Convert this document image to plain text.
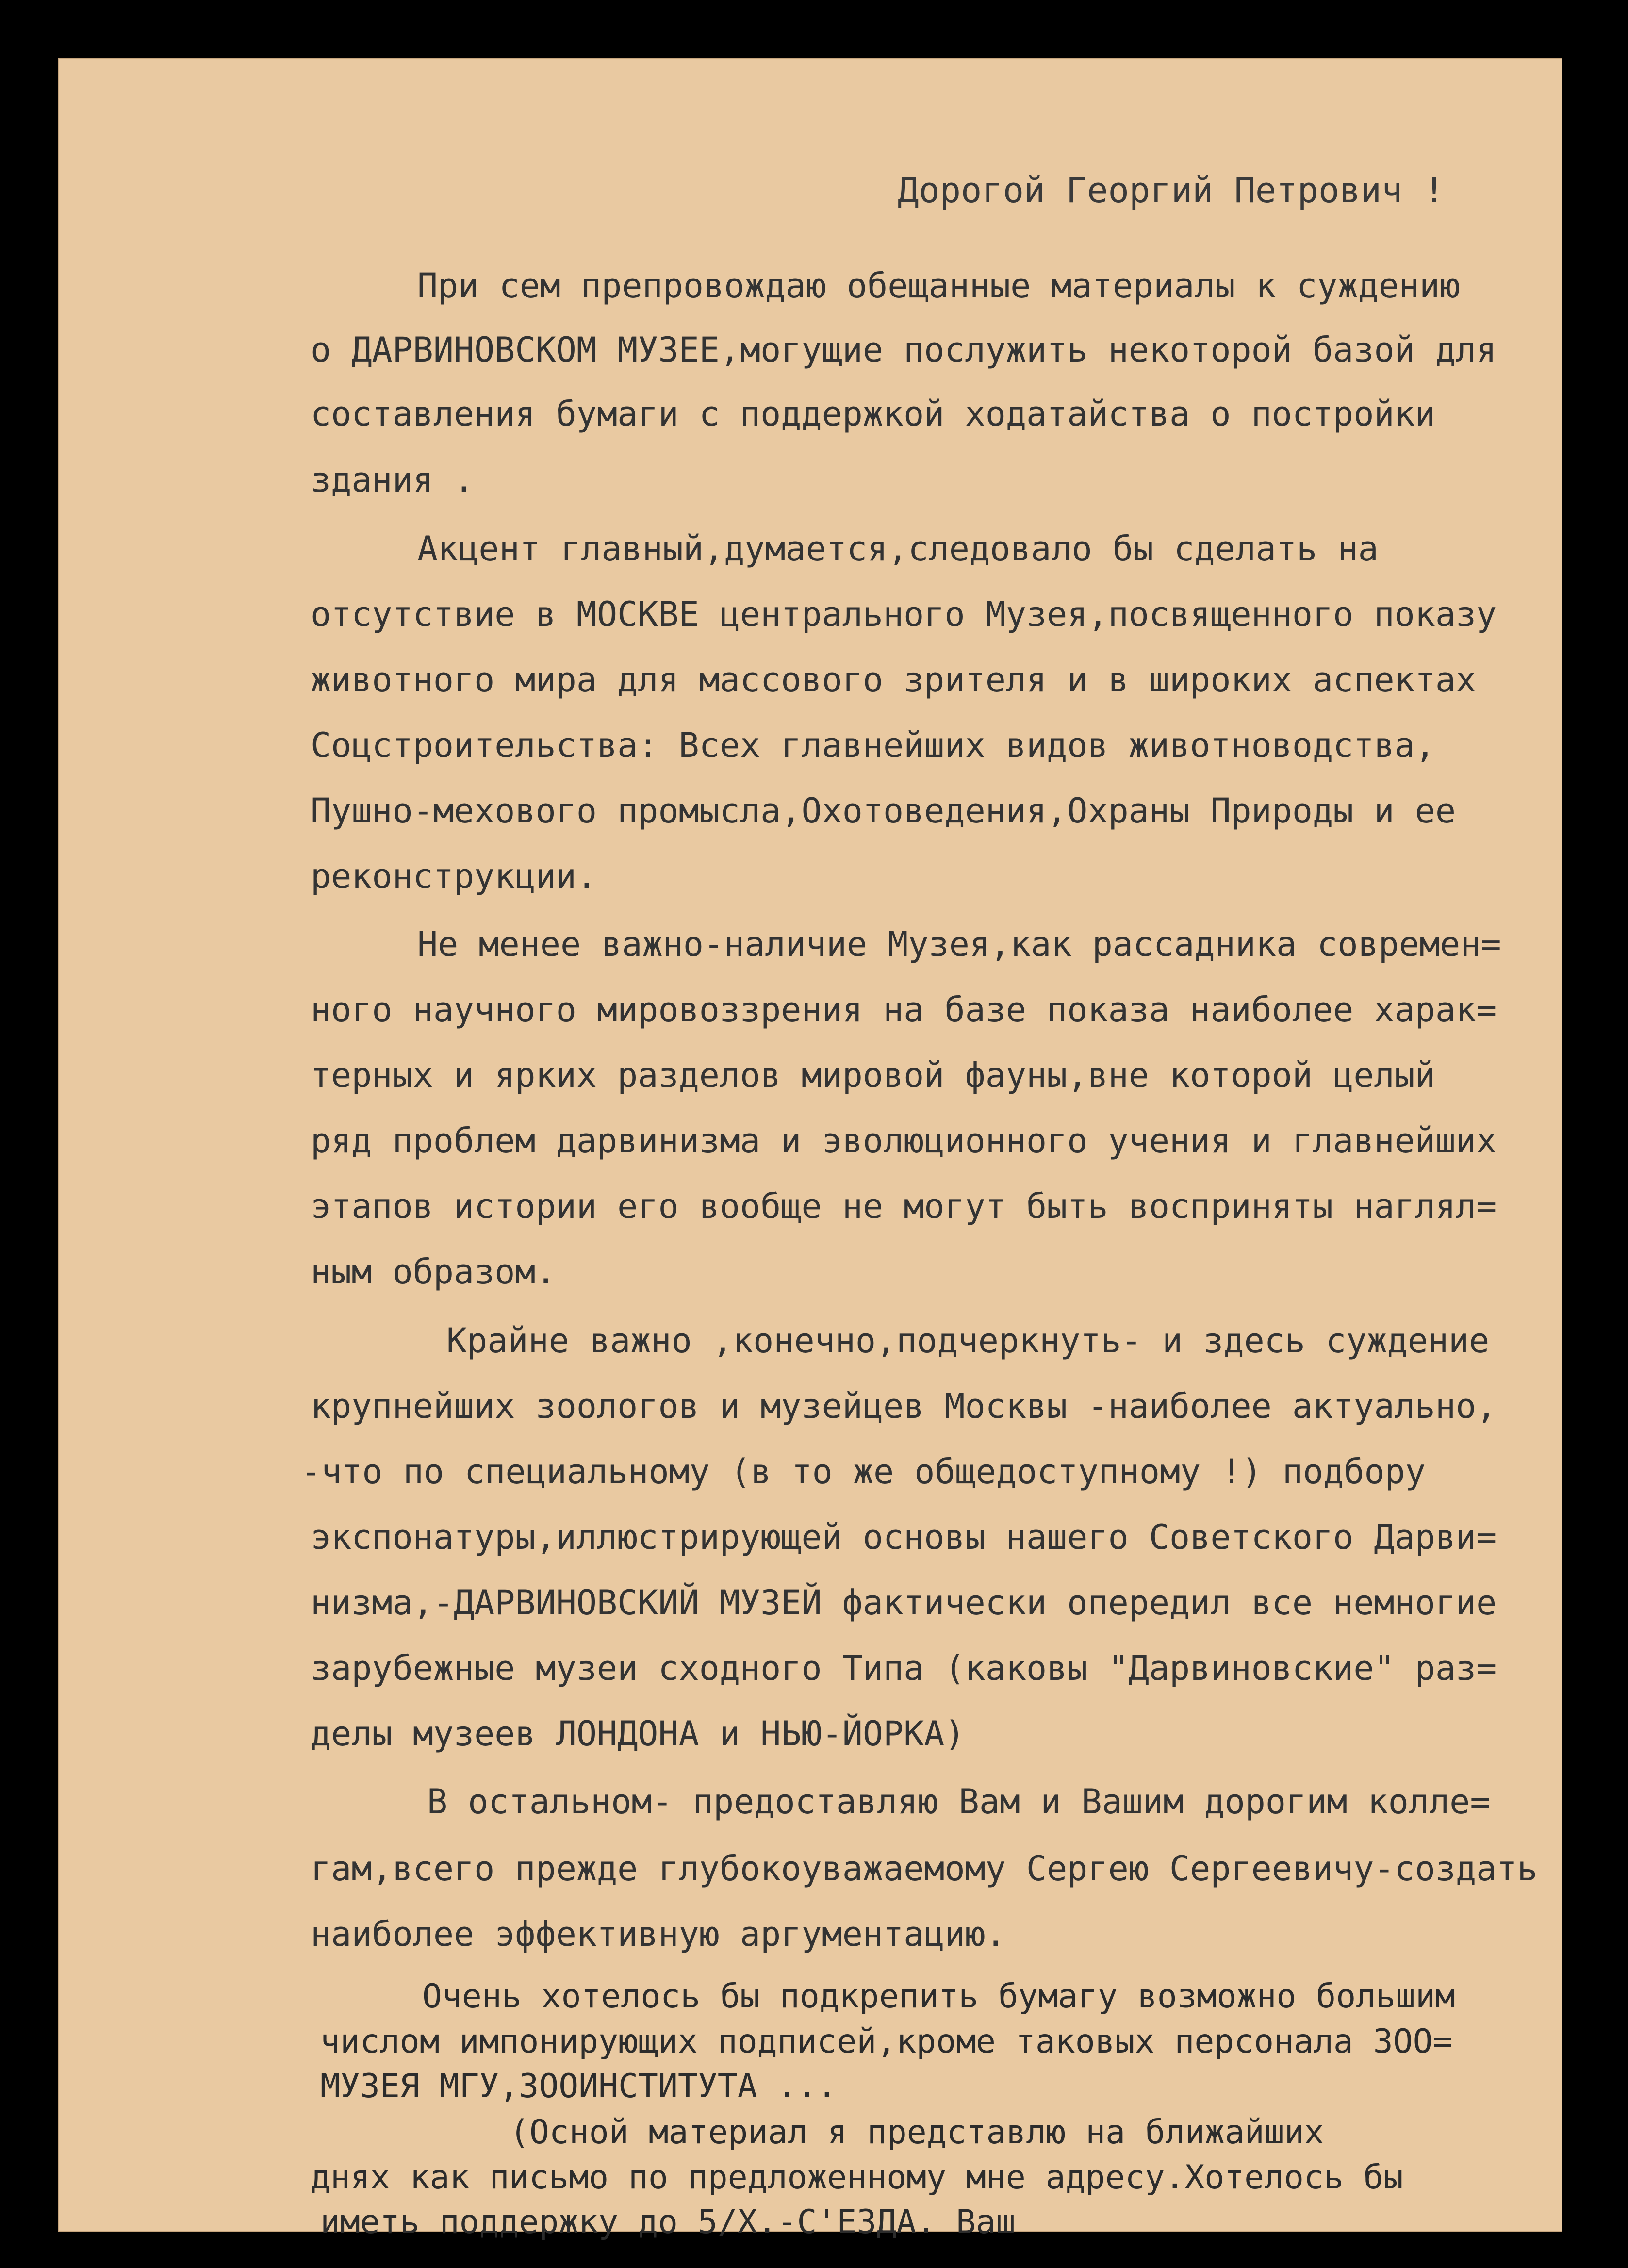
Дорогой Георгий Петрович !
При сем препровождаю обещанные материалы к суждению
о ДАРВИНОВСКОМ МУЗЕЕ,могущие послужить некоторой базой для
составления бумаги с поддержкой ходатайства о постройки
здания .
Акцент главный,думается,следовало бы сделать на
отсутствие в МОСКВЕ центрального Музея,посвященного показу
животного мира для массового зрителя и в широких аспектах
Соцстроительства: Всех главнейших видов животноводства,
Пушно-мехового промысла,Охотоведения,Охраны Природы и ее
реконструкции.
Не менее важно-наличие Музея,как рассадника современ=
ного научного мировоззрения на базе показа наиболее харак=
терных и ярких разделов мировой фауны,вне которой целый
ряд проблем дарвинизма и эволюционного учения и главнейших
этапов истории его вообще не могут быть восприняты наглял=
ным образом.
Крайне важно ,конечно,подчеркнуть- и здесь суждение
крупнейших зоологов и музейцев Москвы -наиболее актуально,
-что по специальному (в то же общедоступному !) подбору
экспонатуры,иллюстрирующей основы нашего Советского Дарви=
низма,-ДАРВИНОВСКИЙ МУЗЕЙ фактически опередил все немногие
зарубежные музеи сходного Типа (каковы "Дарвиновские" раз=
делы музеев ЛОНДОНА и НЬЮ-ЙОРКА)
В остальном- предоставляю Вам и Вашим дорогим колле=
гам,всего прежде глубокоуважаемому Сергею Сергеевичу-создать
наиболее эффективную аргументацию.
Очень хотелось бы подкрепить бумагу возможно большим
числом импонирующих подписей,кроме таковых персонала ЗОО=
МУЗЕЯ МГУ,ЗООИНСТИТУТА ...
(Осной материал я представлю на ближайших
днях как письмо по предложенному мне адресу.Хотелось бы
иметь поддержку до 5/Х.-С'ЕЗДА. Ваш
